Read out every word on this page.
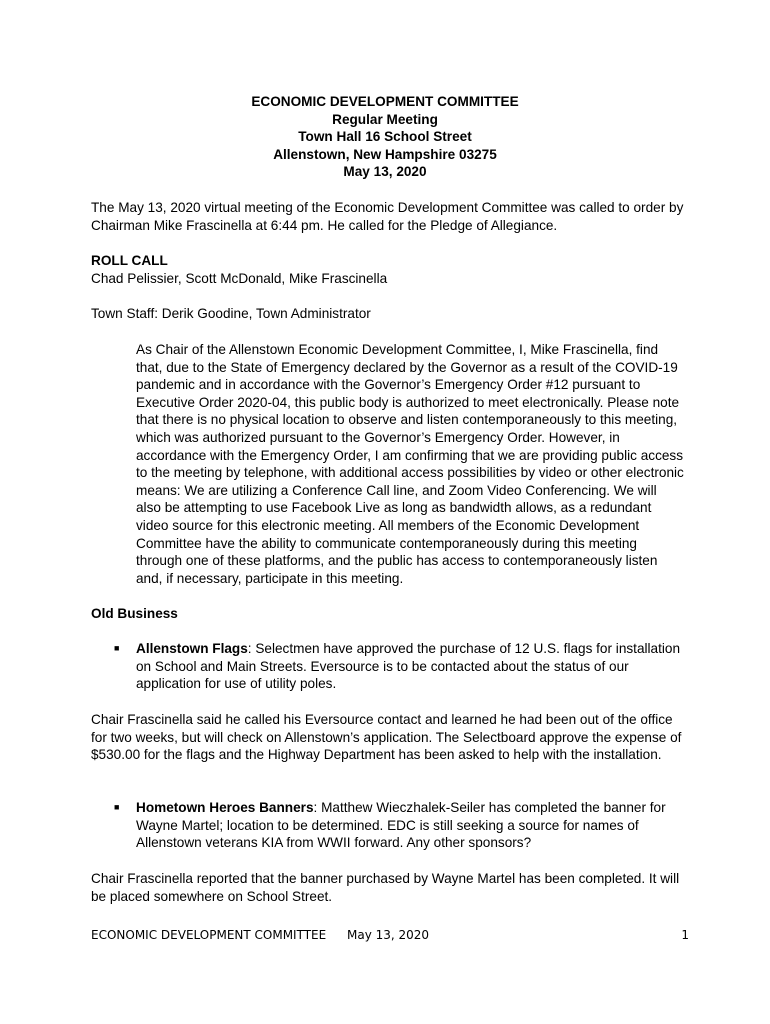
ECONOMIC DEVELOPMENT COMMITTEE
Regular Meeting
Town Hall 16 School Street
Allenstown, New Hampshire 03275
May 13, 2020
The May 13, 2020 virtual meeting of the Economic Development Committee was called to order by Chairman Mike Frascinella at 6:44 pm. He called for the Pledge of Allegiance.
ROLL CALL
Chad Pelissier, Scott McDonald, Mike Frascinella
Town Staff: Derik Goodine, Town Administrator
As Chair of the Allenstown Economic Development Committee, I, Mike Frascinella, find that, due to the State of Emergency declared by the Governor as a result of the COVID-19 pandemic and in accordance with the Governor’s Emergency Order #12 pursuant to Executive Order 2020-04, this public body is authorized to meet electronically. Please note that there is no physical location to observe and listen contemporaneously to this meeting, which was authorized pursuant to the Governor’s Emergency Order. However, in accordance with the Emergency Order, I am confirming that we are providing public access to the meeting by telephone, with additional access possibilities by video or other electronic means: We are utilizing a Conference Call line, and Zoom Video Conferencing. We will also be attempting to use Facebook Live as long as bandwidth allows, as a redundant video source for this electronic meeting. All members of the Economic Development Committee have the ability to communicate contemporaneously during this meeting through one of these platforms, and the public has access to contemporaneously listen and, if necessary, participate in this meeting.
Old Business
■ Allenstown Flags: Selectmen have approved the purchase of 12 U.S. flags for installation on School and Main Streets. Eversource is to be contacted about the status of our application for use of utility poles.
Chair Frascinella said he called his Eversource contact and learned he had been out of the office for two weeks, but will check on Allenstown’s application. The Selectboard approve the expense of $530.00 for the flags and the Highway Department has been asked to help with the installation.
■ Hometown Heroes Banners: Matthew Wieczhalek-Seiler has completed the banner for Wayne Martel; location to be determined. EDC is still seeking a source for names of Allenstown veterans KIA from WWII forward. Any other sponsors?
Chair Frascinella reported that the banner purchased by Wayne Martel has been completed. It will be placed somewhere on School Street.
ECONOMIC DEVELOPMENT COMMITTEE May 13, 2020	1
